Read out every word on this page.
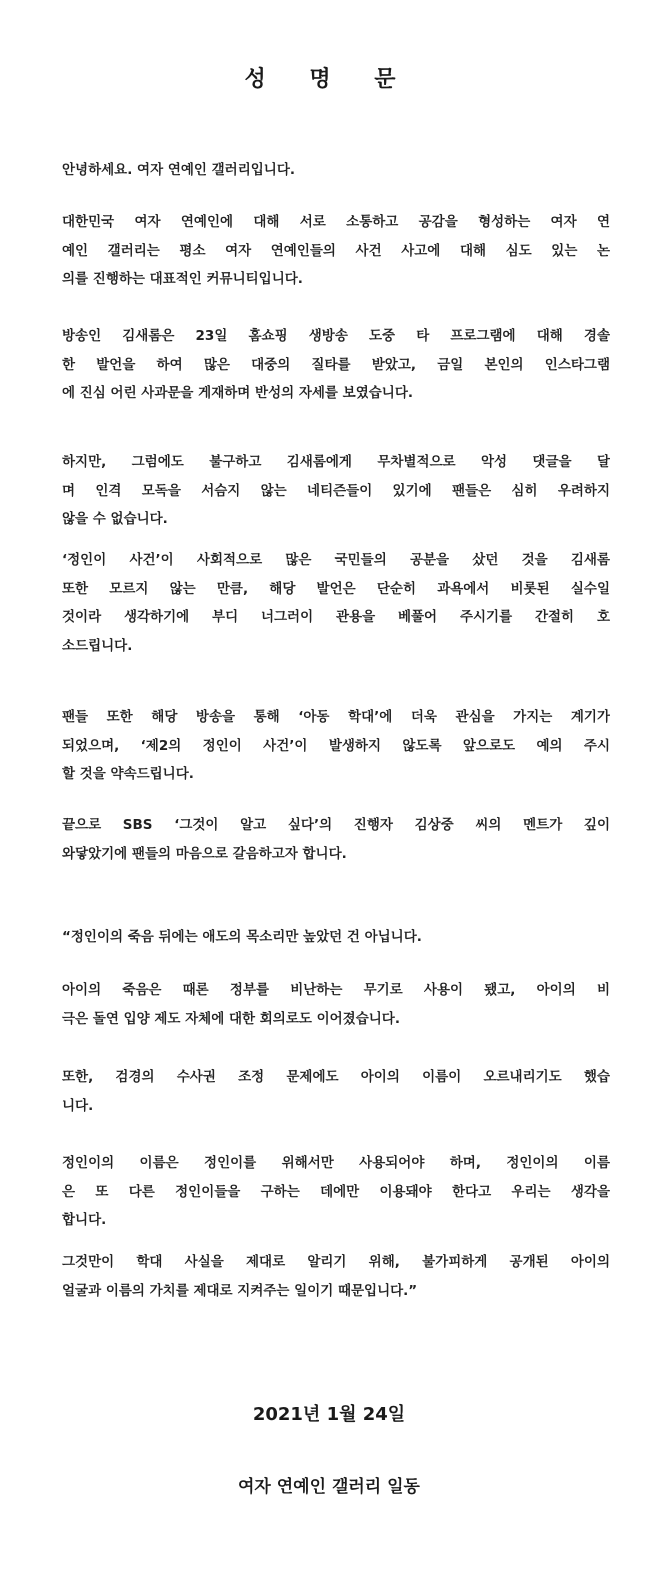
성 명 문
안녕하세요. 여자 연예인 갤러리입니다.
대한민국 여자 연예인에 대해 서로 소통하고 공감을 형성하는 여자 연
예인 갤러리는 평소 여자 연예인들의 사건 사고에 대해 심도 있는 논
의를 진행하는 대표적인 커뮤니티입니다.
방송인 김새롬은 23일 홈쇼핑 생방송 도중 타 프로그램에 대해 경솔
한 발언을 하여 많은 대중의 질타를 받았고, 금일 본인의 인스타그램
에 진심 어린 사과문을 게재하며 반성의 자세를 보였습니다.
하지만, 그럼에도 불구하고 김새롬에게 무차별적으로 악성 댓글을 달
며 인격 모독을 서슴지 않는 네티즌들이 있기에 팬들은 심히 우려하지
않을 수 없습니다.
‘정인이 사건’이 사회적으로 많은 국민들의 공분을 샀던 것을 김새롬
또한 모르지 않는 만큼, 해당 발언은 단순히 과욕에서 비롯된 실수일
것이라 생각하기에 부디 너그러이 관용을 베풀어 주시기를 간절히 호
소드립니다.
팬들 또한 해당 방송을 통해 ‘아동 학대’에 더욱 관심을 가지는 계기가
되었으며, ‘제2의 정인이 사건’이 발생하지 않도록 앞으로도 예의 주시
할 것을 약속드립니다.
끝으로 SBS ‘그것이 알고 싶다’의 진행자 김상중 씨의 멘트가 깊이
와닿았기에 팬들의 마음으로 갈음하고자 합니다.
“정인이의 죽음 뒤에는 애도의 목소리만 높았던 건 아닙니다.
아이의 죽음은 때론 정부를 비난하는 무기로 사용이 됐고, 아이의 비
극은 돌연 입양 제도 자체에 대한 회의로도 이어졌습니다.
또한, 검경의 수사권 조정 문제에도 아이의 이름이 오르내리기도 했습
니다.
정인이의 이름은 정인이를 위해서만 사용되어야 하며, 정인이의 이름
은 또 다른 정인이들을 구하는 데에만 이용돼야 한다고 우리는 생각을
합니다.
그것만이 학대 사실을 제대로 알리기 위해, 불가피하게 공개된 아이의
얼굴과 이름의 가치를 제대로 지켜주는 일이기 때문입니다.”
2021년 1월 24일
여자 연예인 갤러리 일동
